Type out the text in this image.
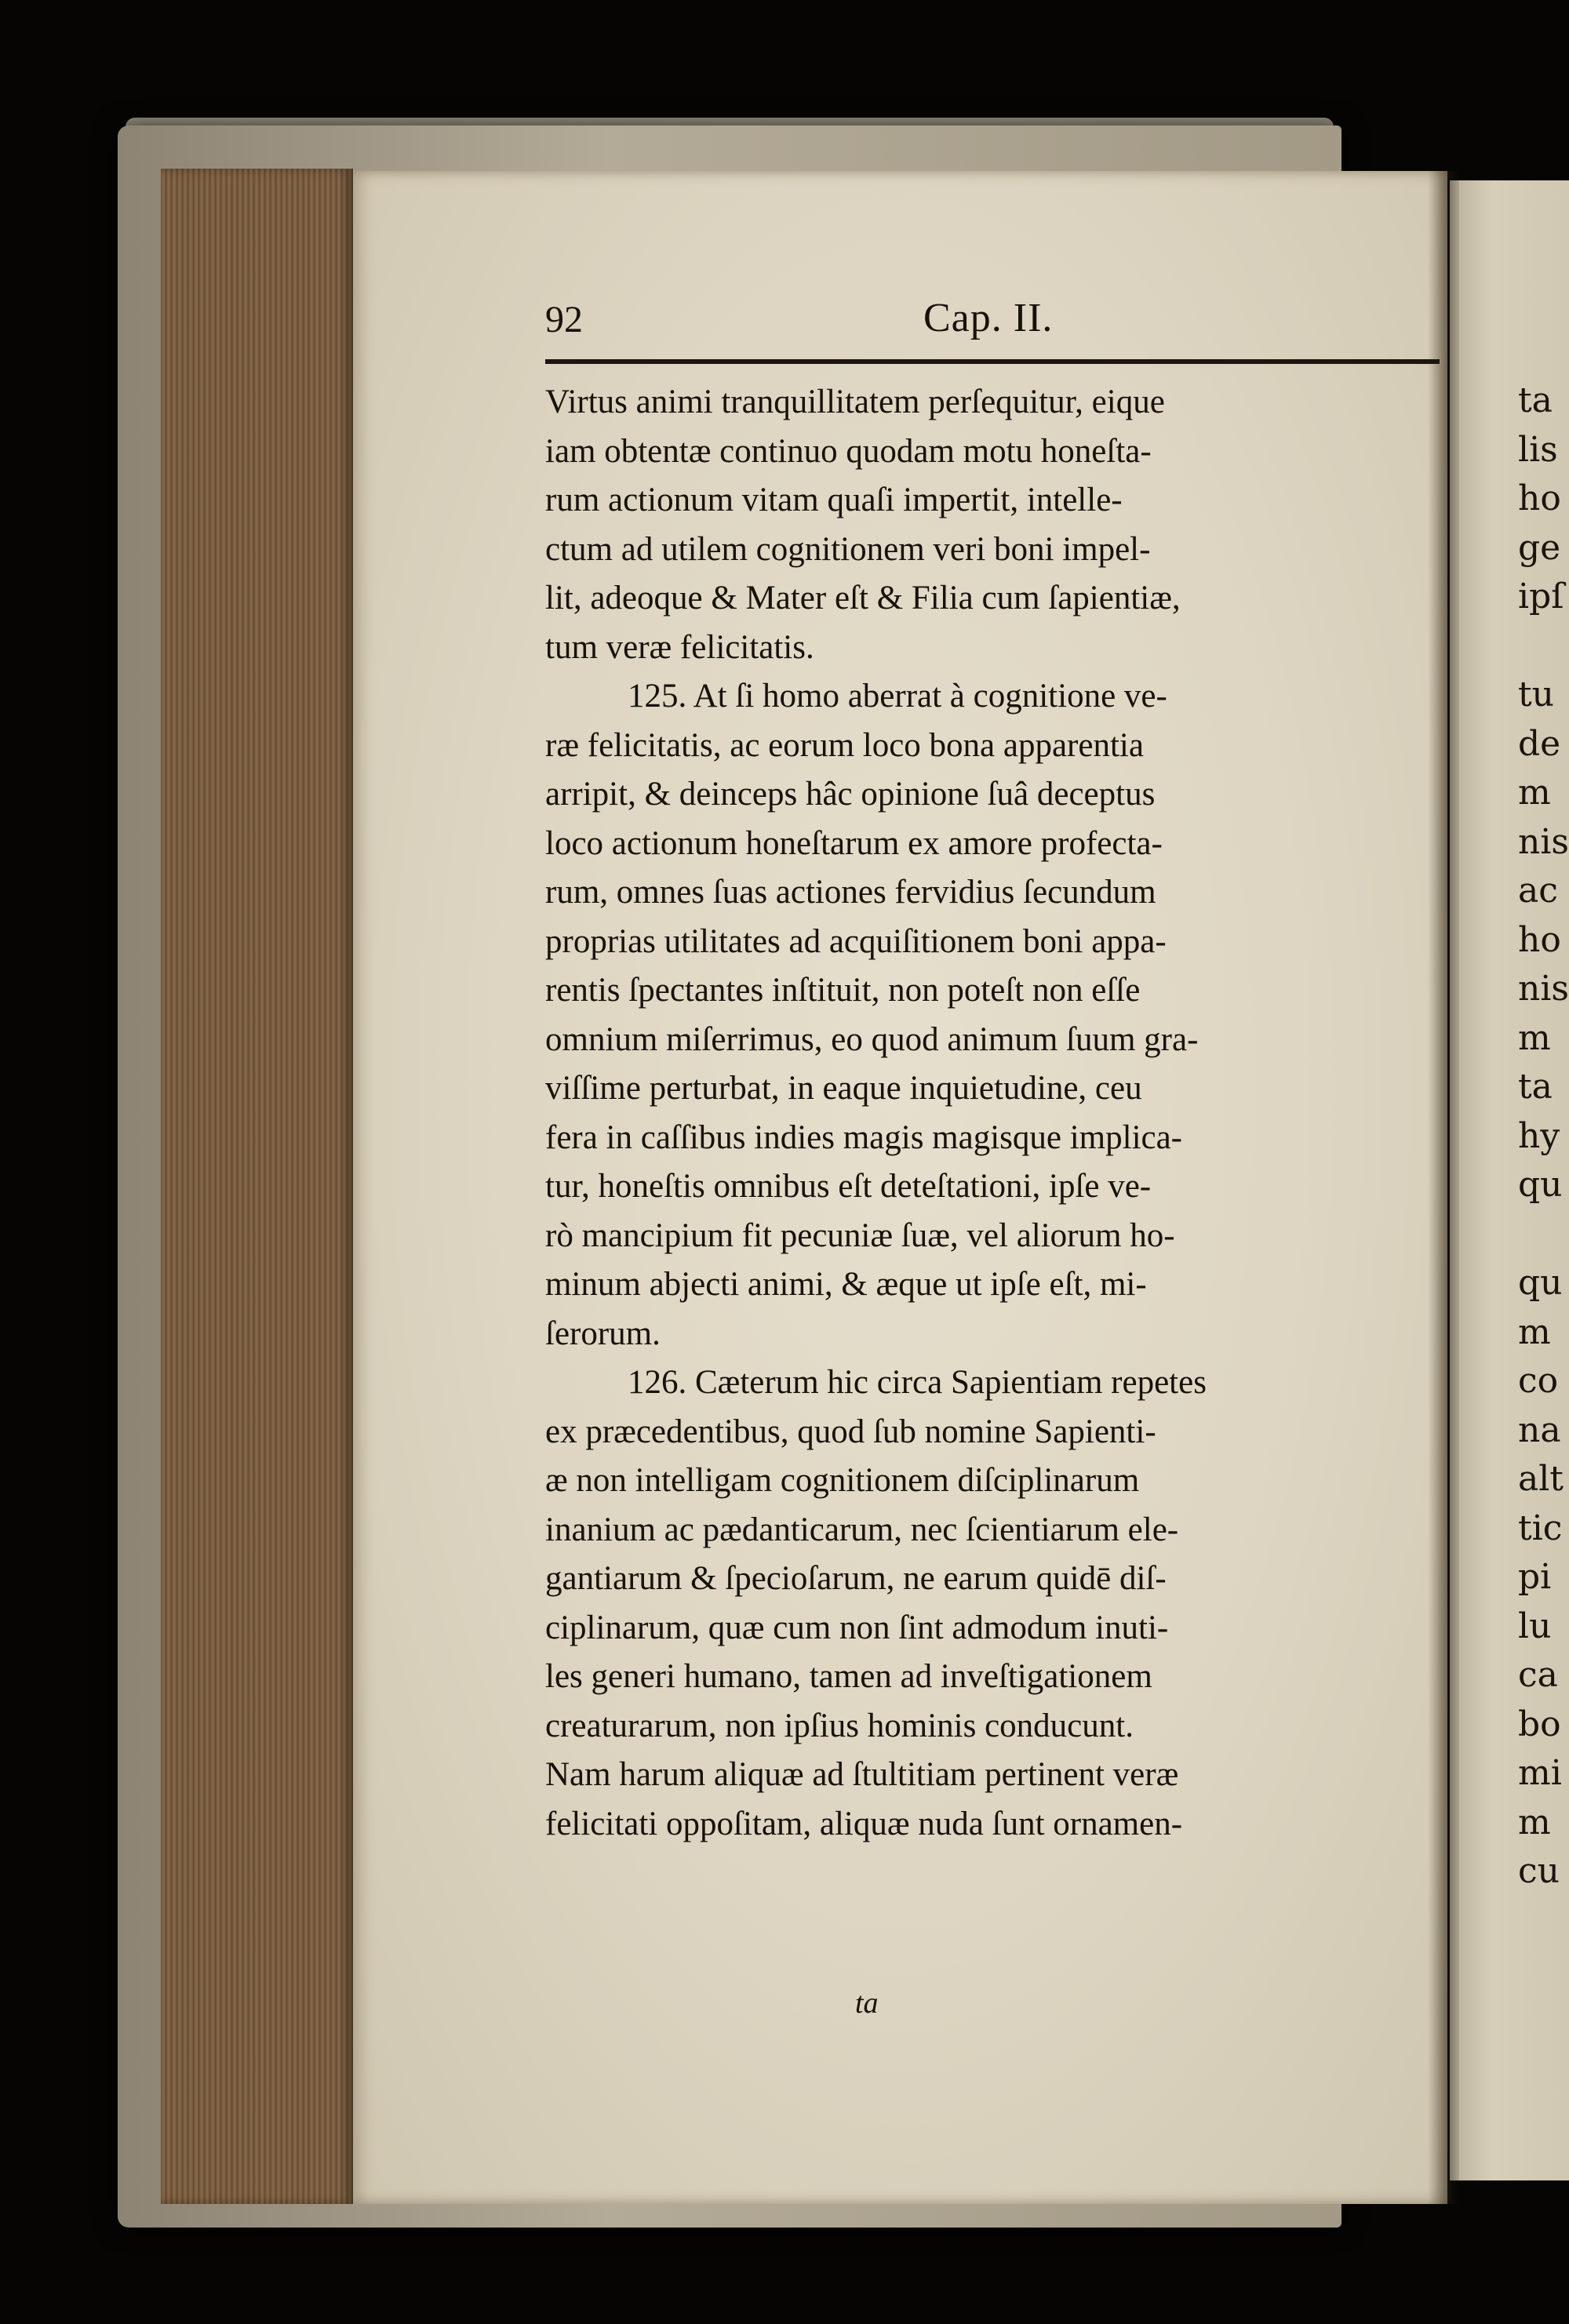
ta
lis
ho
ge
ipſ
tu
de
m
nis
ac
ho
nis
m
ta
hy
qu
qu
m
co
na
alt
tic
pi
lu
ca
bo
mi
m
cu
92	Cap. II.
Virtus animi tranquillitatem perſequitur, eique
iam obtentæ continuo quodam motu honeſta-
rum actionum vitam quaſi impertit, intelle-
ctum ad utilem cognitionem veri boni impel-
lit, adeoque & Mater eſt & Filia cum ſapientiæ,
tum veræ felicitatis.
125. At ſi homo aberrat à cognitione ve-
ræ felicitatis, ac eorum loco bona apparentia
arripit, & deinceps hâc opinione ſuâ deceptus
loco actionum honeſtarum ex amore profecta-
rum, omnes ſuas actiones fervidius ſecundum
proprias utilitates ad acquiſitionem boni appa-
rentis ſpectantes inſtituit, non poteſt non eſſe
omnium miſerrimus, eo quod animum ſuum gra-
viſſime perturbat, in eaque inquietudine, ceu
fera in caſſibus indies magis magisque implica-
tur, honeſtis omnibus eſt deteſtationi, ipſe ve-
rò mancipium fit pecuniæ ſuæ, vel aliorum ho-
minum abjecti animi, & æque ut ipſe eſt, mi-
ſerorum.
126. Cæterum hic circa Sapientiam repetes
ex præcedentibus, quod ſub nomine Sapienti-
æ non intelligam cognitionem diſciplinarum
inanium ac pædanticarum, nec ſcientiarum ele-
gantiarum & ſpecioſarum, ne earum quidē diſ-
ciplinarum, quæ cum non ſint admodum inuti-
les generi humano, tamen ad inveſtigationem
creaturarum, non ipſius hominis conducunt.
Nam harum aliquæ ad ſtultitiam pertinent veræ
felicitati oppoſitam, aliquæ nuda ſunt ornamen-
ta
